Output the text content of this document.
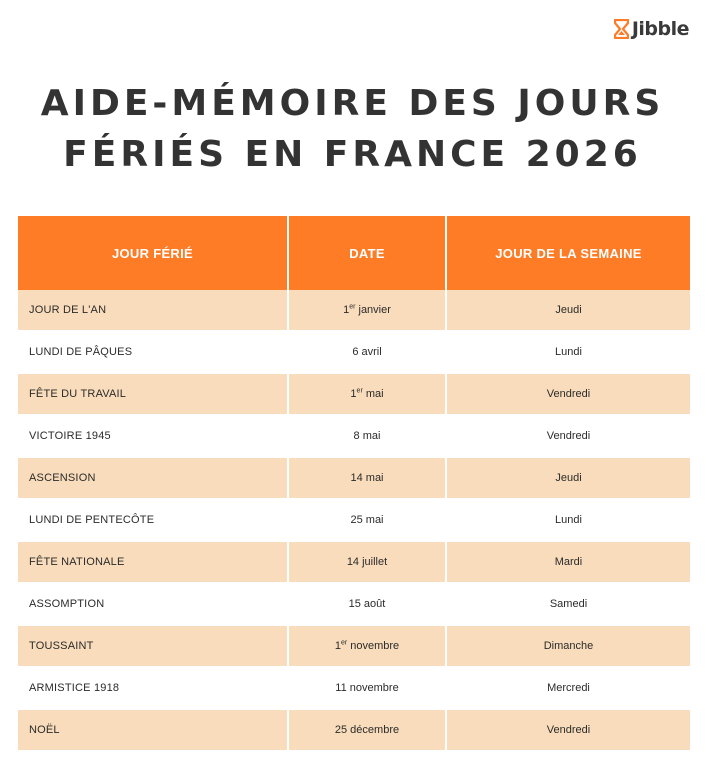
Jibble
AIDE-MÉMOIRE DES JOURS
FÉRIÉS EN FRANCE 2026
JOUR FÉRIÉ	DATE	JOUR DE LA SEMAINE
JOUR DE L'AN	1er janvier	Jeudi
LUNDI DE PÂQUES	6 avril	Lundi
FÊTE DU TRAVAIL	1er mai	Vendredi
VICTOIRE 1945	8 mai	Vendredi
ASCENSION	14 mai	Jeudi
LUNDI DE PENTECÔTE	25 mai	Lundi
FÊTE NATIONALE	14 juillet	Mardi
ASSOMPTION	15 août	Samedi
TOUSSAINT	1er novembre	Dimanche
ARMISTICE 1918	11 novembre	Mercredi
NOËL	25 décembre	Vendredi
